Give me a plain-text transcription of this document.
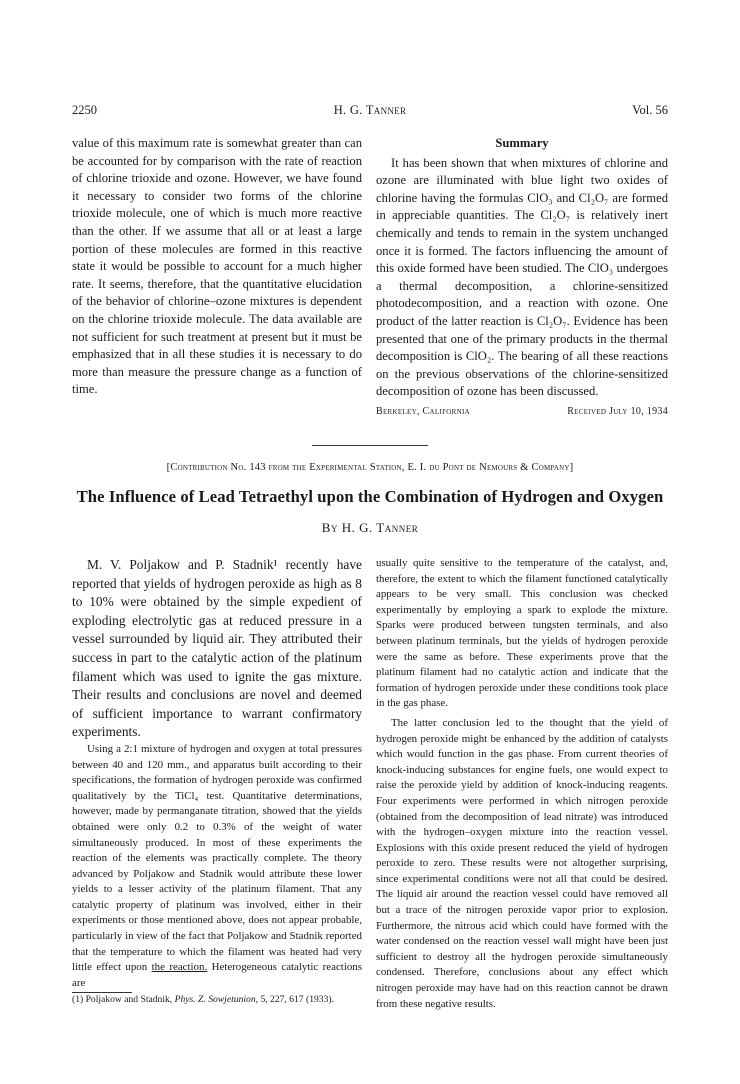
2250	H. G. Tanner	Vol. 56

value of this maximum rate is somewhat greater than can be accounted for by comparison with the rate of reaction of chlorine trioxide and ozone. However, we have found it necessary to consider two forms of the chlorine trioxide molecule, one of which is much more reactive than the other. If we assume that all or at least a large portion of these molecules are formed in this reactive state it would be possible to account for a much higher rate. It seems, therefore, that the quantitative elucidation of the behavior of chlorine–ozone mixtures is dependent on the chlorine trioxide molecule. The data available are not sufficient for such treatment at present but it must be emphasized that in all these studies it is necessary to do more than measure the pressure change as a function of time.

Summary

It has been shown that when mixtures of chlorine and ozone are illuminated with blue light two oxides of chlorine having the formulas ClO₃ and Cl₂O₇ are formed in appreciable quantities. The Cl₂O₇ is relatively inert chemically and tends to remain in the system unchanged once it is formed. The factors influencing the amount of this oxide formed have been studied. The ClO₃ undergoes a thermal decomposition, a chlorine-sensitized photodecomposition, and a reaction with ozone. One product of the latter reaction is Cl₂O₇. Evidence has been presented that one of the primary products in the thermal decomposition is ClO₂. The bearing of all these reactions on the previous observations of the chlorine-sensitized decomposition of ozone has been discussed.

Berkeley, California	Received July 10, 1934
[Contribution No. 143 from the Experimental Station, E. I. du Pont de Nemours & Company]
The Influence of Lead Tetraethyl upon the Combination of Hydrogen and Oxygen
By H. G. Tanner

M. V. Poljakow and P. Stadnik¹ recently have reported that yields of hydrogen peroxide as high as 8 to 10% were obtained by the simple expedient of exploding electrolytic gas at reduced pressure in a vessel surrounded by liquid air. They attributed their success in part to the catalytic action of the platinum filament which was used to ignite the gas mixture. Their results and conclusions are novel and deemed of sufficient importance to warrant confirmatory experiments.

Using a 2:1 mixture of hydrogen and oxygen at total pressures between 40 and 120 mm., and apparatus built according to their specifications, the formation of hydrogen peroxide was confirmed qualitatively by the TiCl₄ test. Quantitative determinations, however, made by permanganate titration, showed that the yields obtained were only 0.2 to 0.3% of the weight of water simultaneously produced. In most of these experiments the reaction of the elements was practically complete. The theory advanced by Poljakow and Stadnik would attribute these lower yields to a lesser activity of the platinum filament. That any catalytic property of platinum was involved, either in their experiments or those mentioned above, does not appear probable, particularly in view of the fact that Poljakow and Stadnik reported that the temperature to which the filament was heated had very little effect upon the reaction. Heterogeneous catalytic reactions are

(1) Poljakow and Stadnik, Phys. Z. Sowjetunion, 5, 227, 617 (1933).

usually quite sensitive to the temperature of the catalyst, and, therefore, the extent to which the filament functioned catalytically appears to be very small. This conclusion was checked experimentally by employing a spark to explode the mixture. Sparks were produced between tungsten terminals, and also between platinum terminals, but the yields of hydrogen peroxide were the same as before. These experiments prove that the platinum filament had no catalytic action and indicate that the formation of hydrogen peroxide under these conditions took place in the gas phase.

The latter conclusion led to the thought that the yield of hydrogen peroxide might be enhanced by the addition of catalysts which would function in the gas phase. From current theories of knock-inducing substances for engine fuels, one would expect to raise the peroxide yield by addition of knock-inducing reagents. Four experiments were performed in which nitrogen peroxide (obtained from the decomposition of lead nitrate) was introduced with the hydrogen–oxygen mixture into the reaction vessel. Explosions with this oxide present reduced the yield of hydrogen peroxide to zero. These results were not altogether surprising, since experimental conditions were not all that could be desired. The liquid air around the reaction vessel could have removed all but a trace of the nitrogen peroxide vapor prior to explosion. Furthermore, the nitrous acid which could have formed with the water condensed on the reaction vessel wall might have been just sufficient to destroy all the hydrogen peroxide simultaneously condensed. Therefore, conclusions about any effect which nitrogen peroxide may have had on this reaction cannot be drawn from these negative results.
